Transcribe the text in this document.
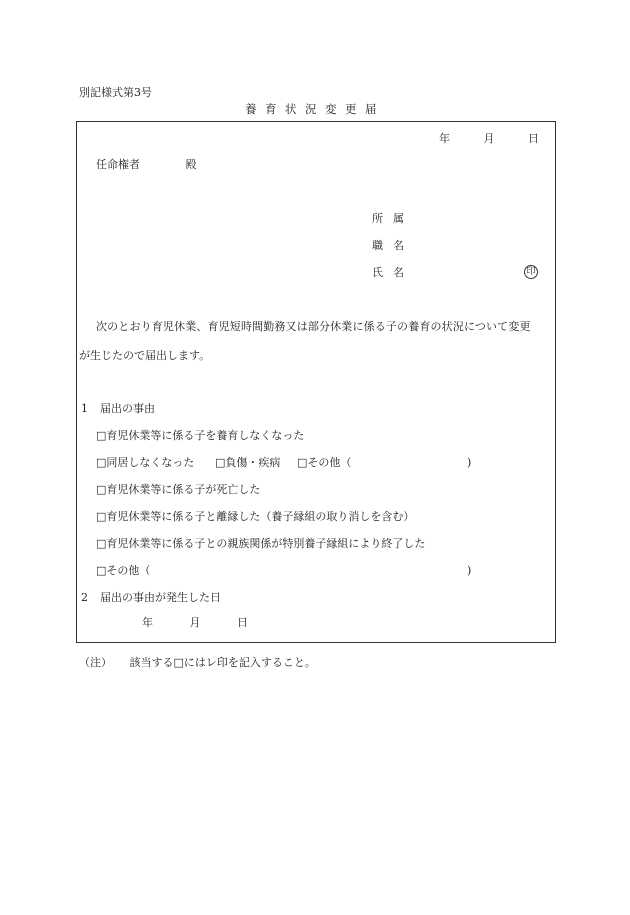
別記様式第3号
養育状況変更届
年	月	日
任命権者	殿
所属
職名
氏名	印
次のとおり育児休業、育児短時間勤務又は部分休業に係る子の養育の状況について変更
が生じたので届出します。
1 届出の事由
□育児休業等に係る子を養育しなくなった
□同居しなくなった □負傷・疾病 □その他（	)
□育児休業等に係る子が死亡した
□育児休業等に係る子と離縁した（養子縁組の取り消しを含む）
□育児休業等に係る子との親族関係が特別養子縁組により終了した
□その他（	)
2 届出の事由が発生した日
年	月	日
（注） 該当する□にはレ印を記入すること。
